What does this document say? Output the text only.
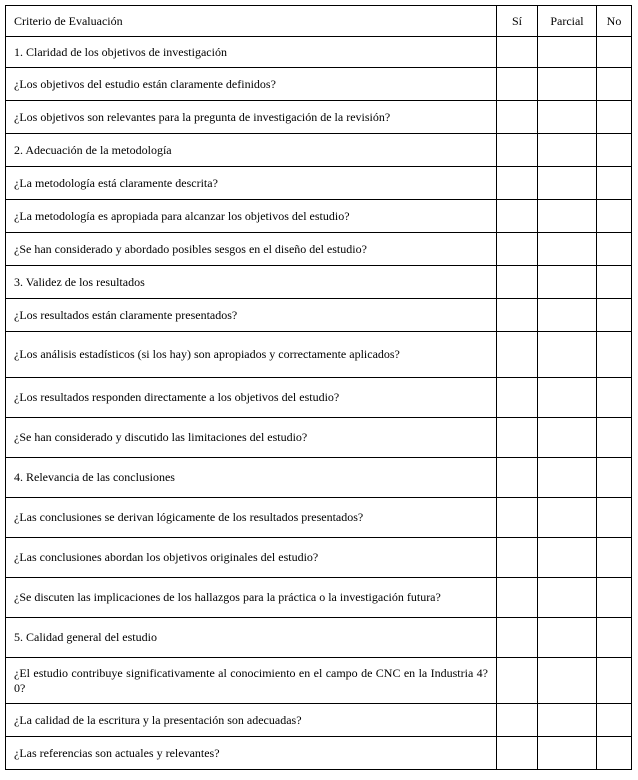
Criterio de Evaluación	Sí	Parcial	No
1. Claridad de los objetivos de investigación			
¿Los objetivos del estudio están claramente definidos?			
¿Los objetivos son relevantes para la pregunta de investigación de la revisión?			
2. Adecuación de la metodología			
¿La metodología está claramente descrita?			
¿La metodología es apropiada para alcanzar los objetivos del estudio?			
¿Se han considerado y abordado posibles sesgos en el diseño del estudio?			
3. Validez de los resultados			
¿Los resultados están claramente presentados?			
¿Los análisis estadísticos (si los hay) son apropiados y correctamente aplicados?			
¿Los resultados responden directamente a los objetivos del estudio?			
¿Se han considerado y discutido las limitaciones del estudio?			
4. Relevancia de las conclusiones			
¿Las conclusiones se derivan lógicamente de los resultados presentados?			
¿Las conclusiones abordan los objetivos originales del estudio?			
¿Se discuten las implicaciones de los hallazgos para la práctica o la investigación futura?			
5. Calidad general del estudio			
¿El estudio contribuye significativamente al conocimiento en el campo de CNC en la Industria 4?0?			
¿La calidad de la escritura y la presentación son adecuadas?			
¿Las referencias son actuales y relevantes?			
